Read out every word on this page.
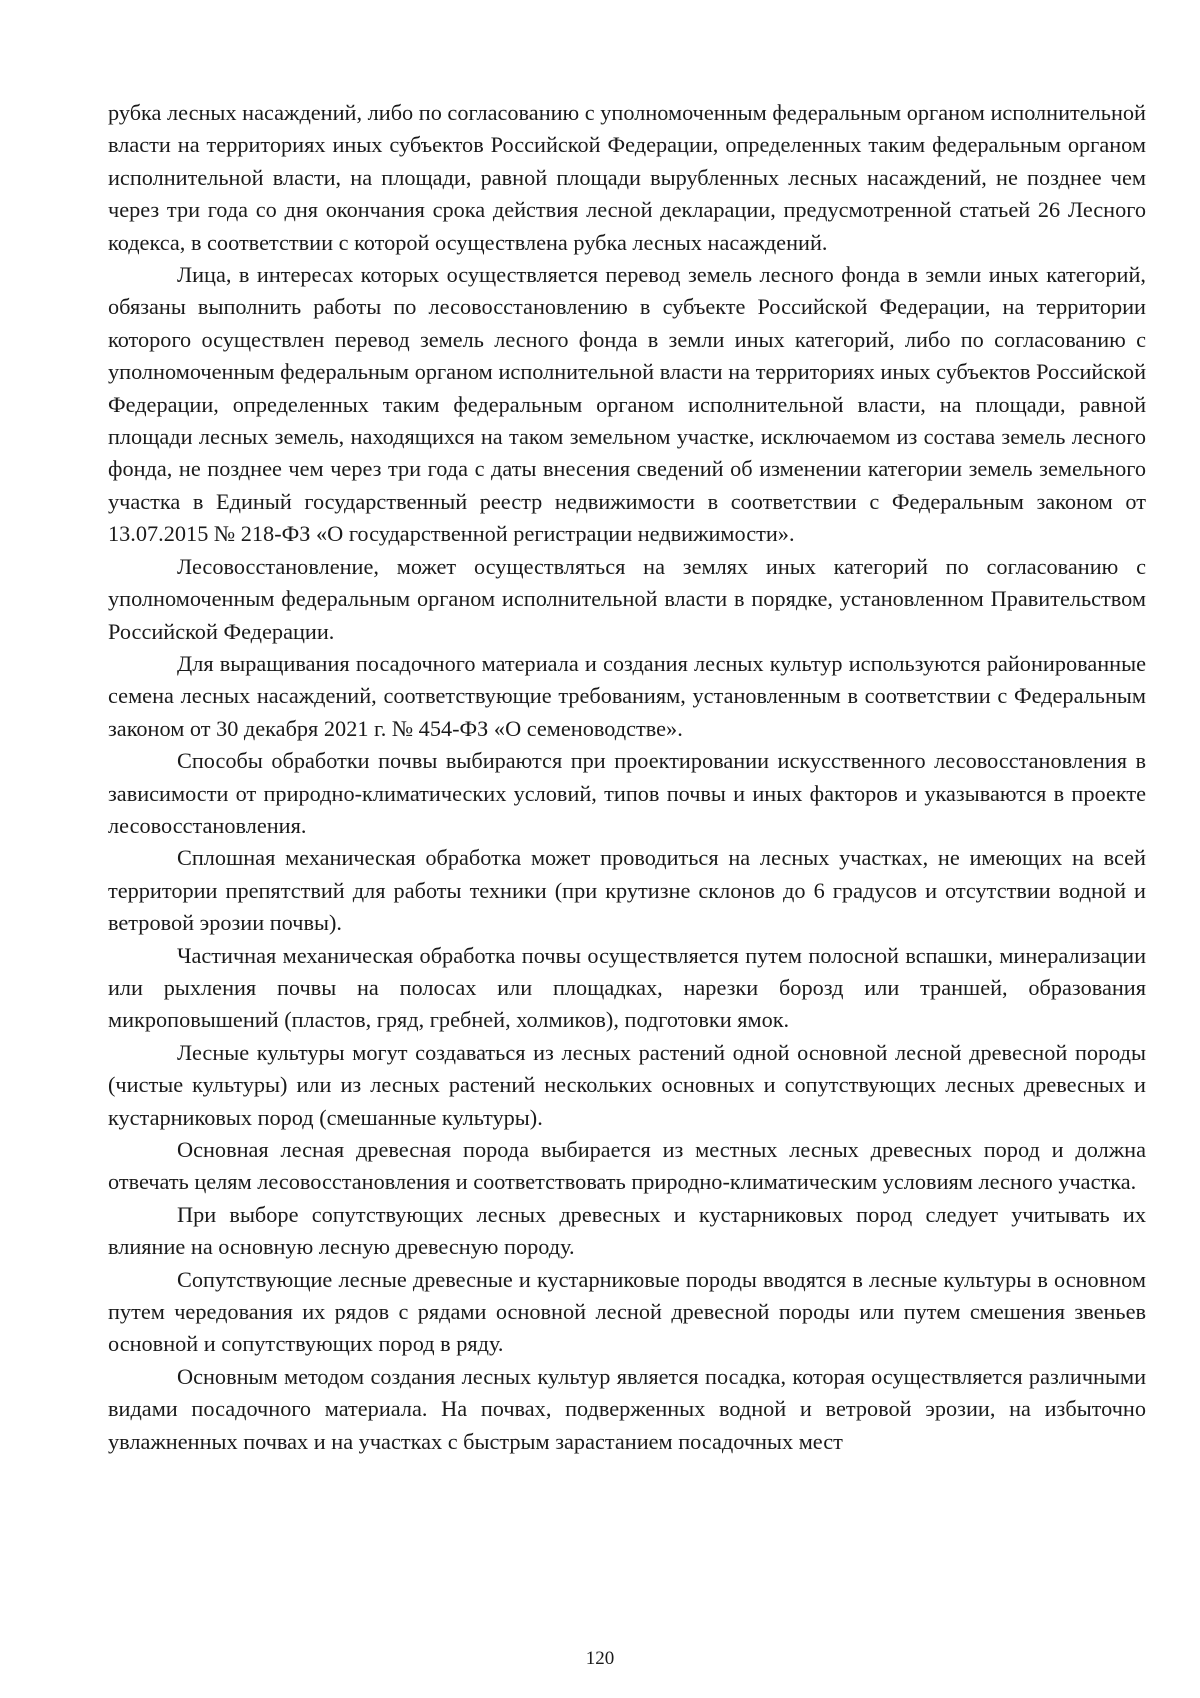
рубка лесных насаждений, либо по согласованию с уполномоченным федеральным органом исполнительной власти на территориях иных субъектов Российской Федерации, определенных таким федеральным органом исполнительной власти, на площади, равной площади вырубленных лесных насаждений, не позднее чем через три года со дня окончания срока действия лесной декларации, предусмотренной статьей 26 Лесного кодекса, в соответствии с которой осуществлена рубка лесных насаждений.

Лица, в интересах которых осуществляется перевод земель лесного фонда в земли иных категорий, обязаны выполнить работы по лесовосстановлению в субъекте Российской Федерации, на территории которого осуществлен перевод земель лесного фонда в земли иных категорий, либо по согласованию с уполномоченным федеральным органом исполнительной власти на территориях иных субъектов Российской Федерации, определенных таким федеральным органом исполнительной власти, на площади, равной площади лесных земель, находящихся на таком земельном участке, исключаемом из состава земель лесного фонда, не позднее чем через три года с даты внесения сведений об изменении категории земель земельного участка в Единый государственный реестр недвижимости в соответствии с Федеральным законом от 13.07.2015 № 218-ФЗ «О государственной регистрации недвижимости».

Лесовосстановление, может осуществляться на землях иных категорий по согласованию с уполномоченным федеральным органом исполнительной власти в порядке, установленном Правительством Российской Федерации.

Для выращивания посадочного материала и создания лесных культур используются районированные семена лесных насаждений, соответствующие требованиям, установленным в соответствии с Федеральным законом от 30 декабря 2021 г. № 454-ФЗ «О семеноводстве».

Способы обработки почвы выбираются при проектировании искусственного лесовосстановления в зависимости от природно-климатических условий, типов почвы и иных факторов и указываются в проекте лесовосстановления.

Сплошная механическая обработка может проводиться на лесных участках, не имеющих на всей территории препятствий для работы техники (при крутизне склонов до 6 градусов и отсутствии водной и ветровой эрозии почвы).

Частичная механическая обработка почвы осуществляется путем полосной вспашки, минерализации или рыхления почвы на полосах или площадках, нарезки борозд или траншей, образования микроповышений (пластов, гряд, гребней, холмиков), подготовки ямок.

Лесные культуры могут создаваться из лесных растений одной основной лесной древесной породы (чистые культуры) или из лесных растений нескольких основных и сопутствующих лесных древесных и кустарниковых пород (смешанные культуры).

Основная лесная древесная порода выбирается из местных лесных древесных пород и должна отвечать целям лесовосстановления и соответствовать природно-климатическим условиям лесного участка.

При выборе сопутствующих лесных древесных и кустарниковых пород следует учитывать их влияние на основную лесную древесную породу.

Сопутствующие лесные древесные и кустарниковые породы вводятся в лесные культуры в основном путем чередования их рядов с рядами основной лесной древесной породы или путем смешения звеньев основной и сопутствующих пород в ряду.

Основным методом создания лесных культур является посадка, которая осуществляется различными видами посадочного материала. На почвах, подверженных водной и ветровой эрозии, на избыточно увлажненных почвах и на участках с быстрым зарастанием посадочных мест

120
